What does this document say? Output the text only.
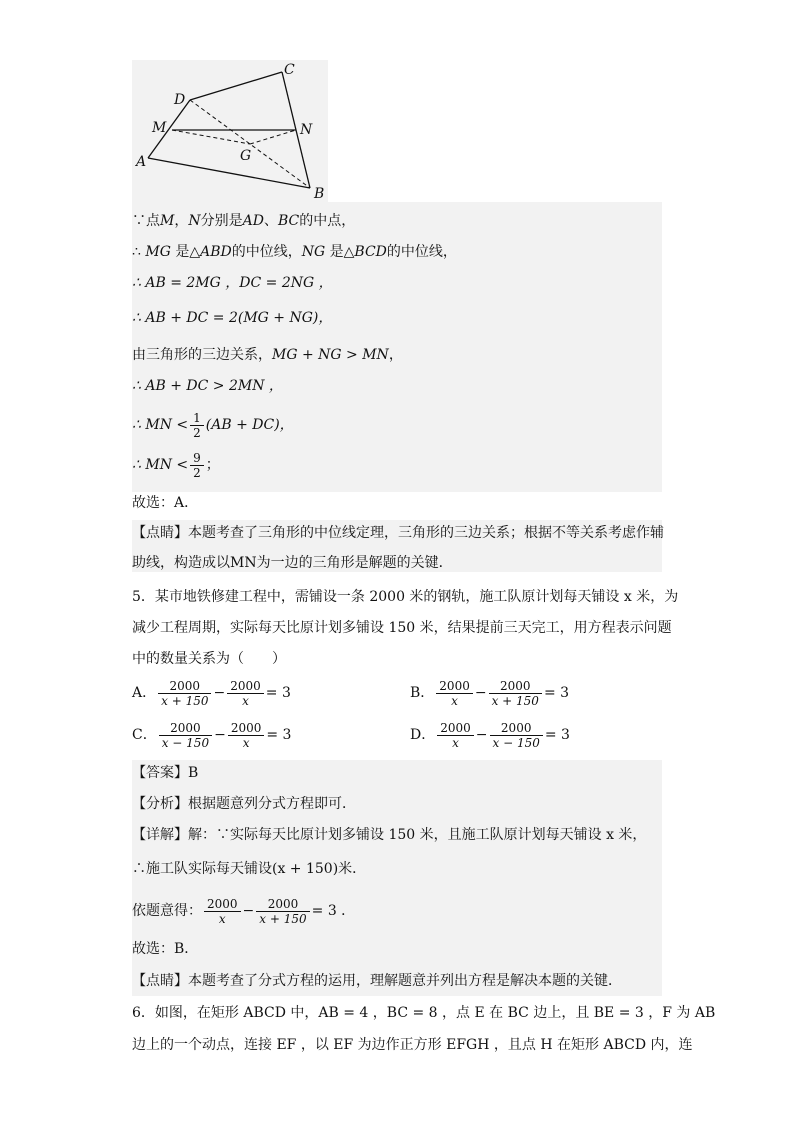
A
B
C
D
M	N
G
∵点M，N分别是AD、BC的中点，
∴ MG 是△ABD的中位线，NG 是△BCD的中位线，
∴ AB = 2MG ，DC = 2NG ，
∴ AB + DC = 2(MG + NG)，
由三角形的三边关系，MG + NG > MN，
∴ AB + DC > 2MN ，
∴ MN < $\frac{1}{2} (AB + DC)$，
∴ MN < $\frac{9}{2}$ ；
故选：A．
【点睛】本题考查了三角形的中位线定理，三角形的三边关系；根据不等关系考虑作辅
助线，构造成以MN为一边的三角形是解题的关键．
5．某市地铁修建工程中，需铺设一条 2000 米的钢轨，施工队原计划每天铺设 x 米，为
减少工程周期，实际每天比原计划多铺设 150 米，结果提前三天完工，用方程表示问题
中的数量关系为（　　）
A． $\frac{2000}{x + 150} - \frac{2000}{x} = 3$	B． $\frac{2000}{x} - \frac{2000}{x + 150} = 3$
C． $\frac{2000}{x - 150} - \frac{2000}{x} = 3$	D． $\frac{2000}{x} - \frac{2000}{x - 150} = 3$
【答案】B
【分析】根据题意列分式方程即可．
【详解】解：∵实际每天比原计划多铺设 150 米，且施工队原计划每天铺设 x 米，
∴施工队实际每天铺设(x + 150)米．
依题意得： $\frac{2000}{x} - \frac{2000}{x + 150} = 3$ ．
故选：B．
【点睛】本题考查了分式方程的运用，理解题意并列出方程是解决本题的关键．
6．如图，在矩形 ABCD 中，AB = 4 ，BC = 8 ，点 E 在 BC 边上，且 BE = 3 ，F 为 AB
边上的一个动点，连接 EF ，以 EF 为边作正方形 EFGH ，且点 H 在矩形 ABCD 内，连
